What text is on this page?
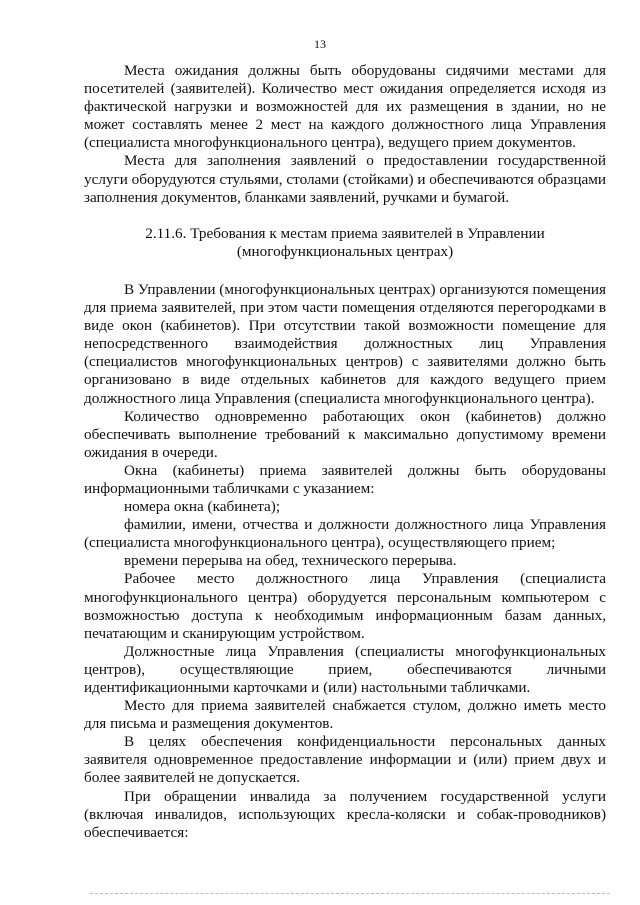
13

Места ожидания должны быть оборудованы сидячими местами для посетителей (заявителей). Количество мест ожидания определяется исходя из фактической нагрузки и возможностей для их размещения в здании, но не может составлять менее 2 мест на каждого должностного лица Управления (специалиста многофункционального центра), ведущего прием документов.

Места для заполнения заявлений о предоставлении государственной услуги оборудуются стульями, столами (стойками) и обеспечиваются образцами заполнения документов, бланками заявлений, ручками и бумагой.

2.11.6. Требования к местам приема заявителей в Управлении
(многофункциональных центрах)

В Управлении (многофункциональных центрах) организуются помещения для приема заявителей, при этом части помещения отделяются перегородками в виде окон (кабинетов). При отсутствии такой возможности помещение для непосредственного взаимодействия должностных лиц Управления (специалистов многофункциональных центров) с заявителями должно быть организовано в виде отдельных кабинетов для каждого ведущего прием должностного лица Управления (специалиста многофункционального центра).

Количество одновременно работающих окон (кабинетов) должно обеспечивать выполнение требований к максимально допустимому времени ожидания в очереди.

Окна (кабинеты) приема заявителей должны быть оборудованы информационными табличками с указанием:

номера окна (кабинета);

фамилии, имени, отчества и должности должностного лица Управления (специалиста многофункционального центра), осуществляющего прием;

времени перерыва на обед, технического перерыва.

Рабочее место должностного лица Управления (специалиста многофункционального центра) оборудуется персональным компьютером с возможностью доступа к необходимым информационным базам данных, печатающим и сканирующим устройством.

Должностные лица Управления (специалисты многофункциональных центров), осуществляющие прием, обеспечиваются личными идентификационными карточками и (или) настольными табличками.

Место для приема заявителей снабжается стулом, должно иметь место для письма и размещения документов.

В целях обеспечения конфиденциальности персональных данных заявителя одновременное предоставление информации и (или) прием двух и более заявителей не допускается.

При обращении инвалида за получением государственной услуги (включая инвалидов, использующих кресла-коляски и собак-проводников) обеспечивается:
